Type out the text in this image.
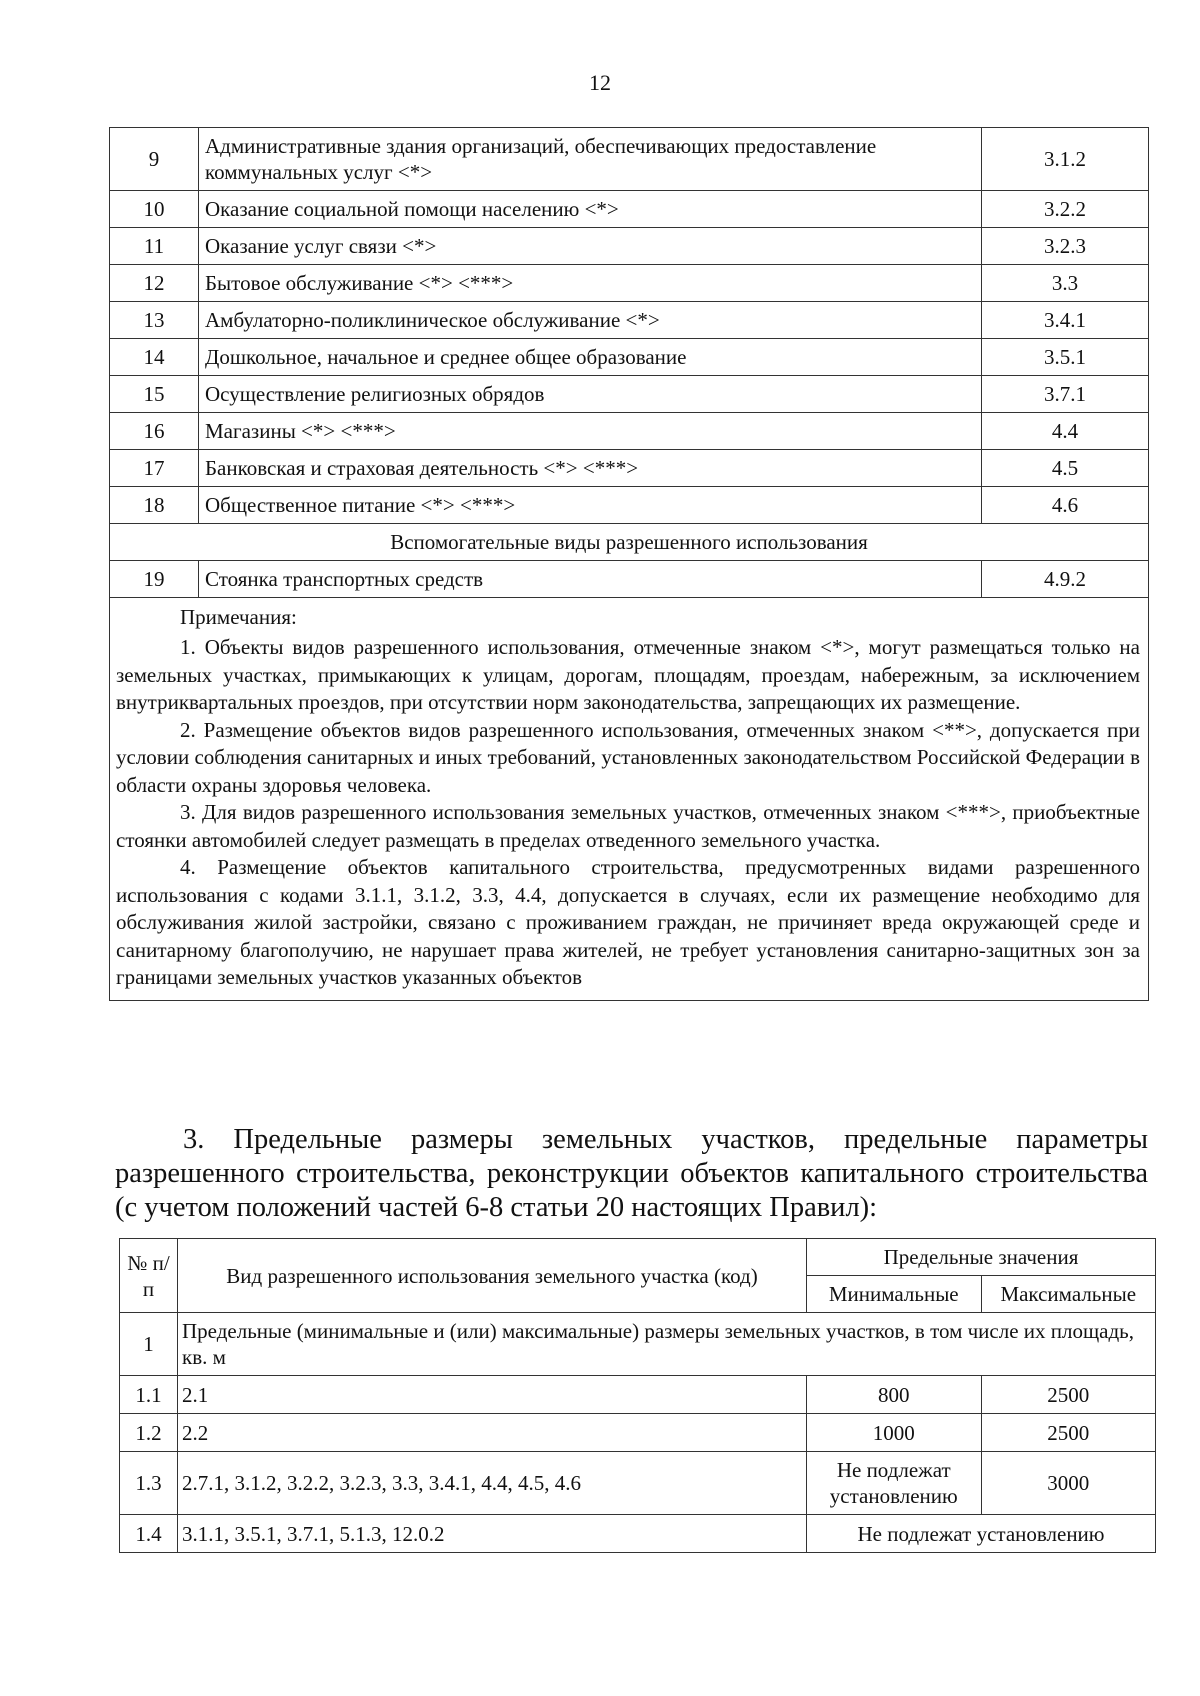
12
9	Административные здания организаций, обеспечивающих предоставление коммунальных услуг <*>	3.1.2
10	Оказание социальной помощи населению <*>	3.2.2
11	Оказание услуг связи <*>	3.2.3
12	Бытовое обслуживание <*> <***>	3.3
13	Амбулаторно-поликлиническое обслуживание <*>	3.4.1
14	Дошкольное, начальное и среднее общее образование	3.5.1
15	Осуществление религиозных обрядов	3.7.1
16	Магазины <*> <***>	4.4
17	Банковская и страховая деятельность <*> <***>	4.5
18	Общественное питание <*> <***>	4.6
Вспомогательные виды разрешенного использования		
19	Стоянка транспортных средств	4.9.2

Примечания:

1. Объекты видов разрешенного использования, отмеченные знаком <*>, могут размещаться только на земельных участках, примыкающих к улицам, дорогам, площадям, проездам, набережным, за исключением внутриквартальных проездов, при отсутствии норм законодательства, запрещающих их размещение.

2. Размещение объектов видов разрешенного использования, отмеченных знаком <**>, допускается при условии соблюдения санитарных и иных требований, установленных законодательством Российской Федерации в области охраны здоровья человека.

3. Для видов разрешенного использования земельных участков, отмеченных знаком <***>, приобъектные стоянки автомобилей следует размещать в пределах отведенного земельного участка.

4. Размещение объектов капитального строительства, предусмотренных видами разрешенного использования с кодами 3.1.1, 3.1.2, 3.3, 4.4, допускается в случаях, если их размещение необходимо для обслуживания жилой застройки, связано с проживанием граждан, не причиняет вреда окружающей среде и санитарному благополучию, не нарушает права жителей, не требует установления санитарно-защитных зон за границами земельных участков указанных объектов		

3. Предельные размеры земельных участков, предельные параметры разрешенного строительства, реконструкции объектов капитального строительства (с учетом положений частей 6-8 статьи 20 настоящих Правил):

№ п/п	Вид разрешенного использования земельного участка (код)	Предельные значения	
		Минимальные	Максимальные
1	Предельные (минимальные и (или) максимальные) размеры земельных участков, в том числе их площадь, кв. м		
1.1	2.1	800	2500
1.2	2.2	1000	2500
1.3	2.7.1, 3.1.2, 3.2.2, 3.2.3, 3.3, 3.4.1, 4.4, 4.5, 4.6	Не подлежат установлению	3000
1.4	3.1.1, 3.5.1, 3.7.1, 5.1.3, 12.0.2	Не подлежат установлению	
